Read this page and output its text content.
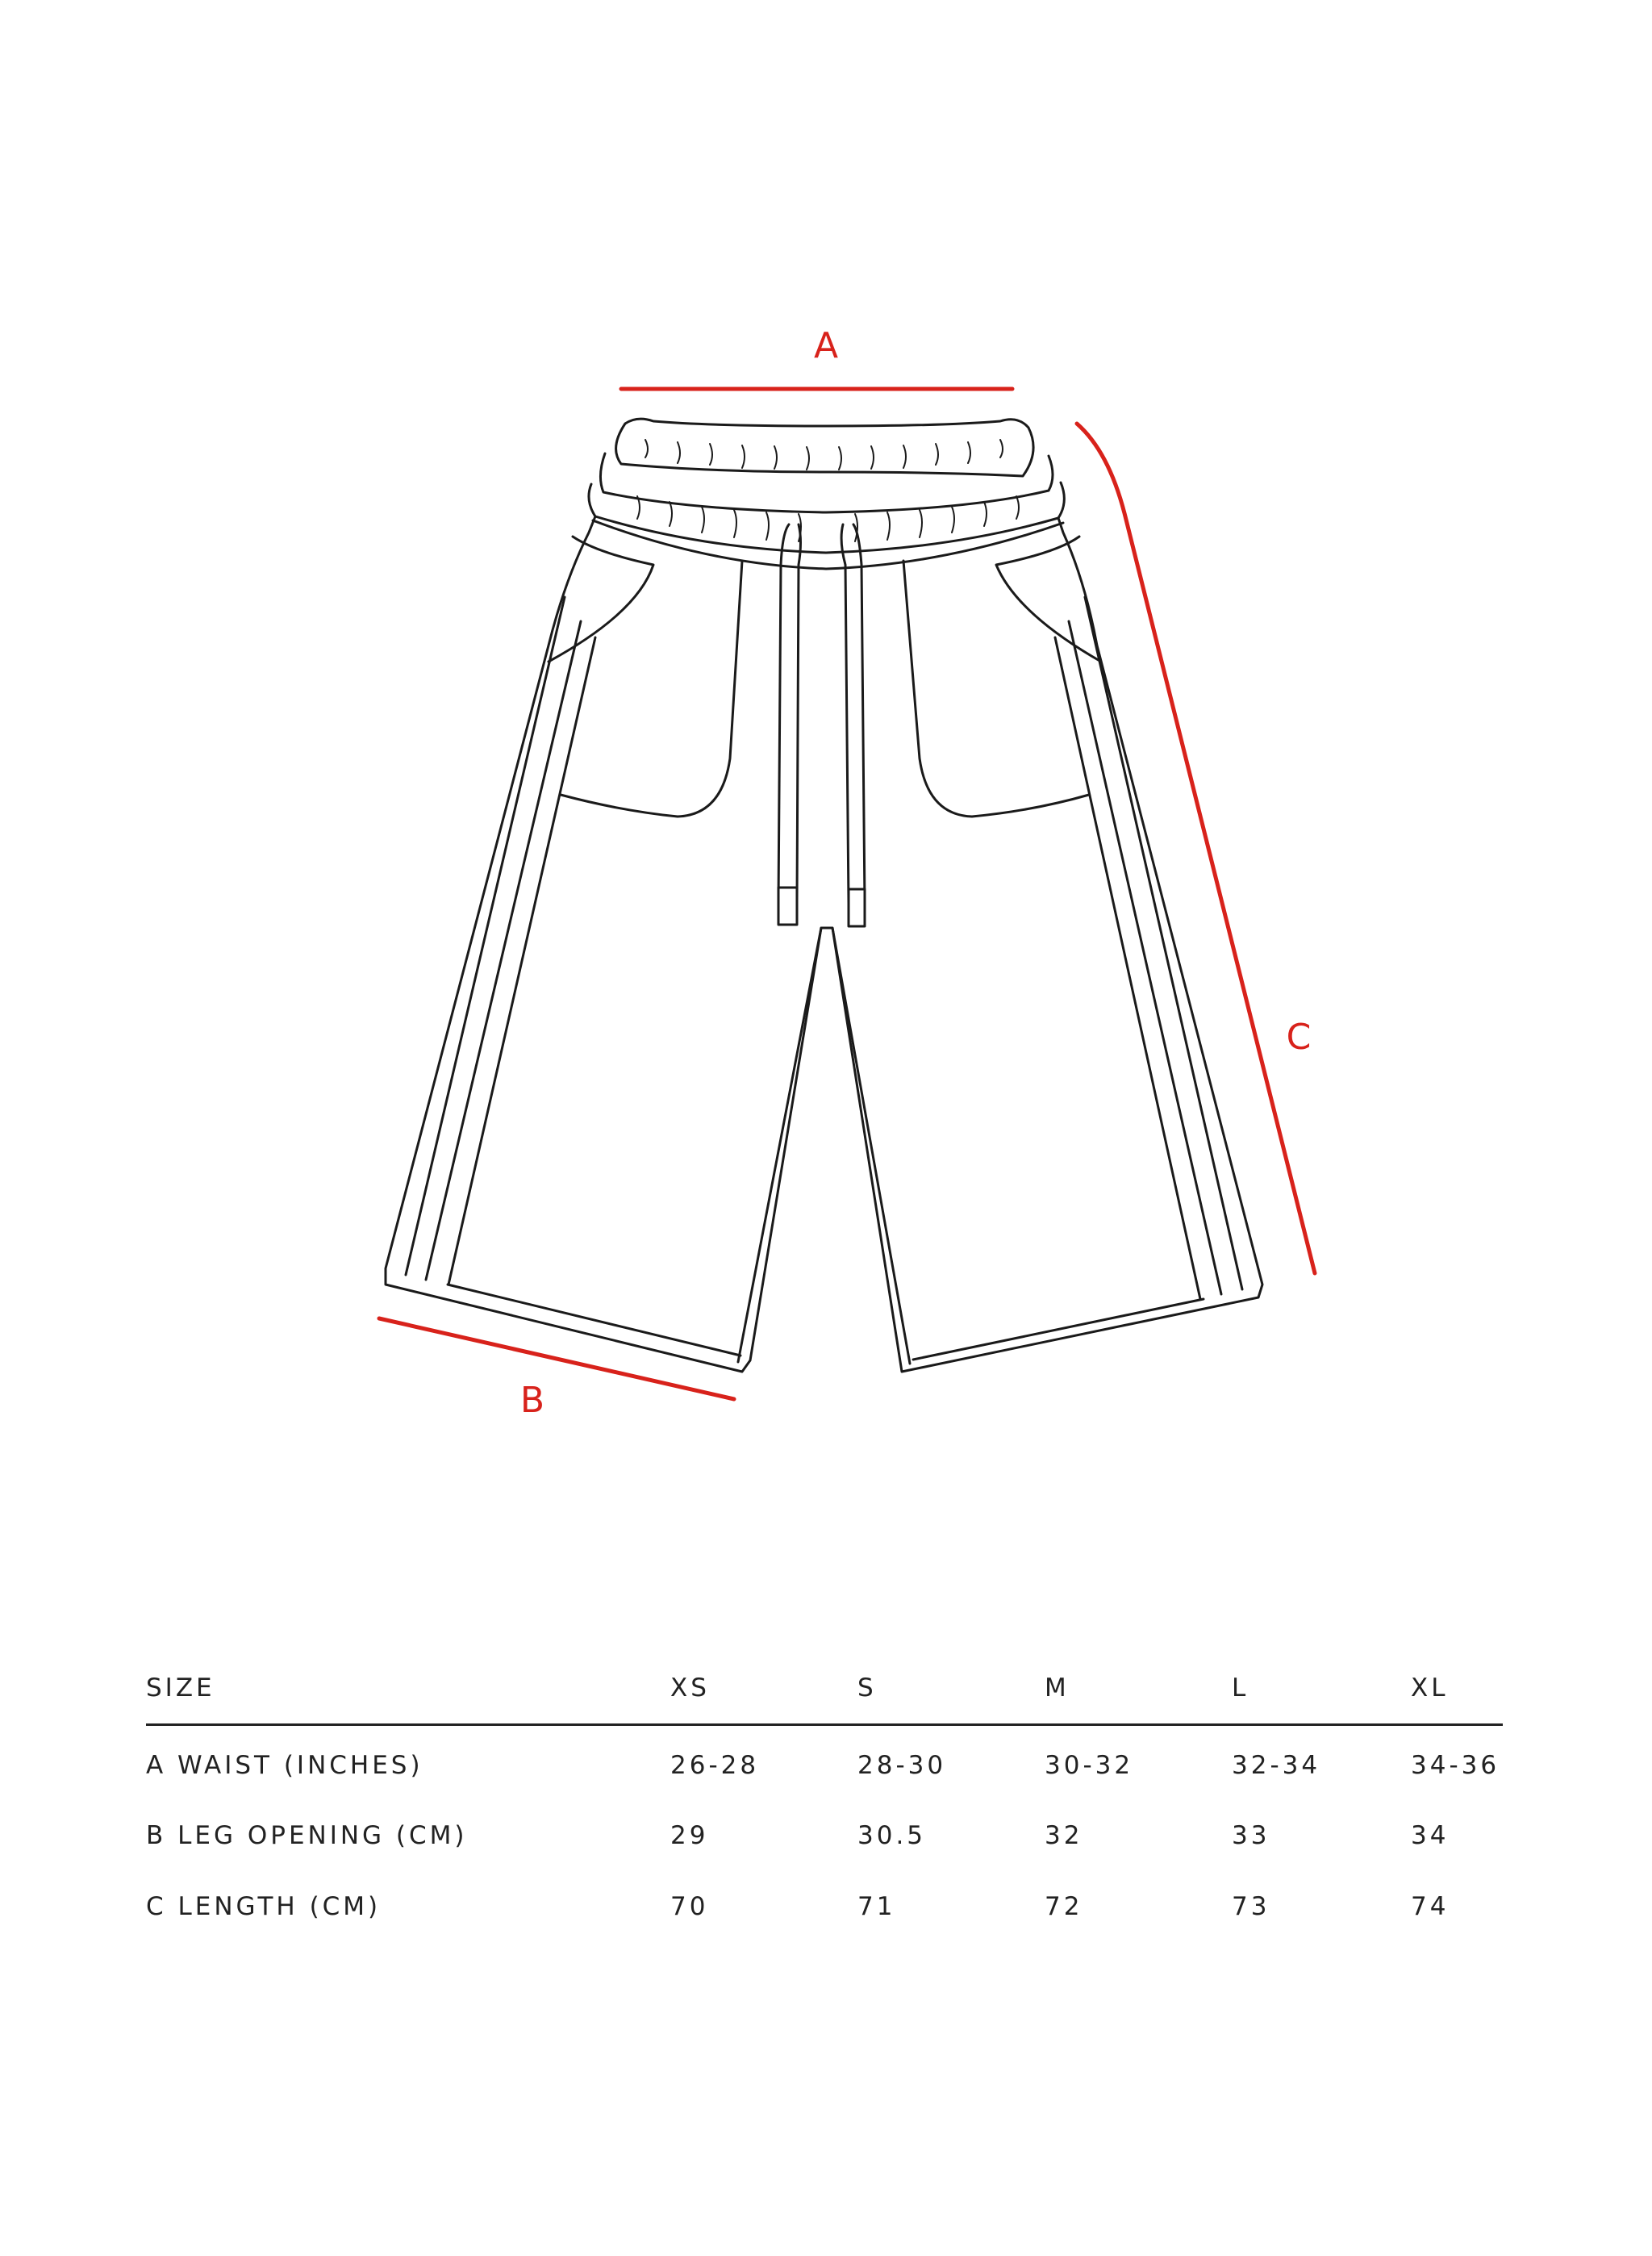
A
C
B
SIZE	XS	S	M	L	XL
A WAIST (INCHES)	26-28	28-30	30-32	32-34	34-36
B LEG OPENING (CM)	29	30.5	32	33	34
C LENGTH (CM)	70	71	72	73	74
